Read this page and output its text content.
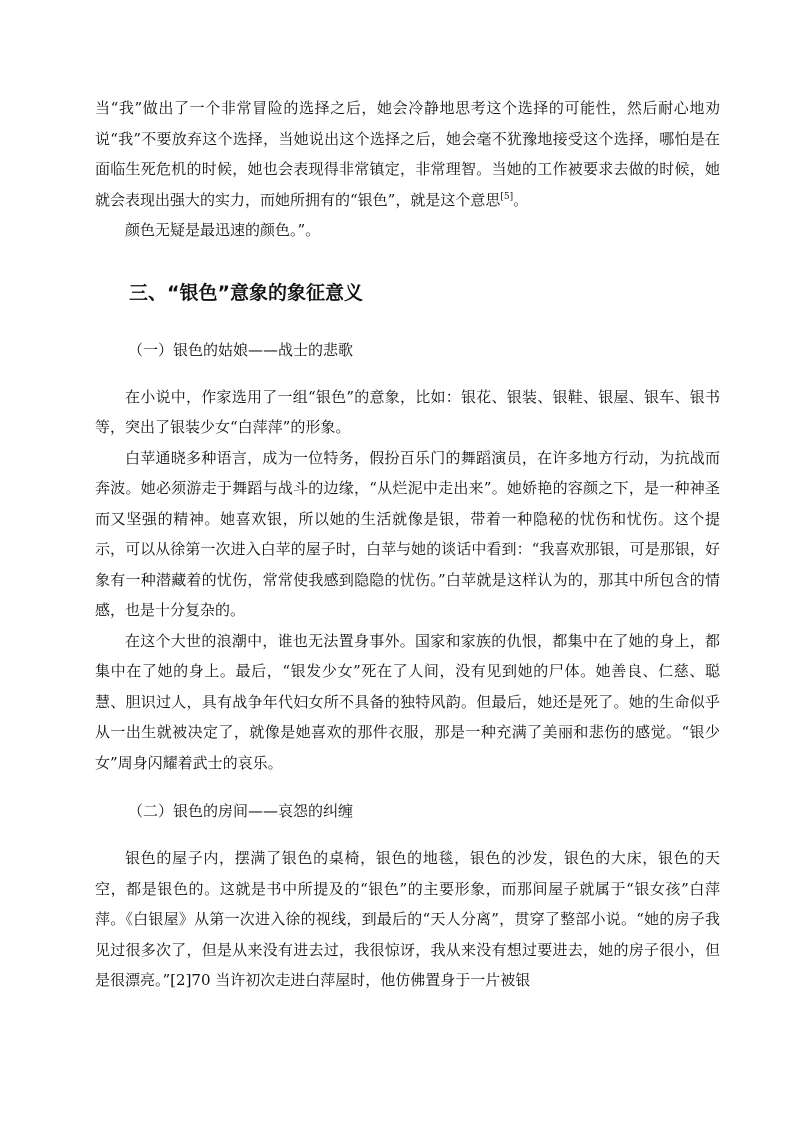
当“我”做出了一个非常冒险的选择之后，她会冷静地思考这个选择的可能性，然后耐心地劝说“我”不要放弃这个选择，当她说出这个选择之后，她会毫不犹豫地接受这个选择，哪怕是在面临生死危机的时候，她也会表现得非常镇定，非常理智。当她的工作被要求去做的时候，她就会表现出强大的实力，而她所拥有的“银色”，就是这个意思[5]。

颜色无疑是最迅速的颜色。”。

三、“银色”意象的象征意义
（一）银色的姑娘——战士的悲歌

在小说中，作家选用了一组“银色”的意象，比如：银花、银装、银鞋、银屋、银车、银书等，突出了银装少女“白萍萍”的形象。

白苹通晓多种语言，成为一位特务，假扮百乐门的舞蹈演员，在许多地方行动，为抗战而奔波。她必须游走于舞蹈与战斗的边缘，“从烂泥中走出来”。她娇艳的容颜之下，是一种神圣而又坚强的精神。她喜欢银，所以她的生活就像是银，带着一种隐秘的忧伤和忧伤。这个提示，可以从徐第一次进入白苹的屋子时，白苹与她的谈话中看到：“我喜欢那银，可是那银，好象有一种潜藏着的忧伤，常常使我感到隐隐的忧伤。”白苹就是这样认为的，那其中所包含的情感，也是十分复杂的。

在这个大世的浪潮中，谁也无法置身事外。国家和家族的仇恨，都集中在了她的身上，都集中在了她的身上。最后，“银发少女”死在了人间，没有见到她的尸体。她善良、仁慈、聪慧、胆识过人，具有战争年代妇女所不具备的独特风韵。但最后，她还是死了。她的生命似乎从一出生就被决定了，就像是她喜欢的那件衣服，那是一种充满了美丽和悲伤的感觉。“银少女”周身闪耀着武士的哀乐。

（二）银色的房间——哀怨的纠缠

银色的屋子内，摆满了银色的桌椅，银色的地毯，银色的沙发，银色的大床，银色的天空，都是银色的。这就是书中所提及的“银色”的主要形象，而那间屋子就属于“银女孩”白萍萍。《白银屋》从第一次进入徐的视线，到最后的“天人分离”，贯穿了整部小说。“她的房子我见过很多次了，但是从来没有进去过，我很惊讶，我从来没有想过要进去，她的房子很小，但是很漂亮。”[2]70 当许初次走进白萍屋时，他仿佛置身于一片被银
